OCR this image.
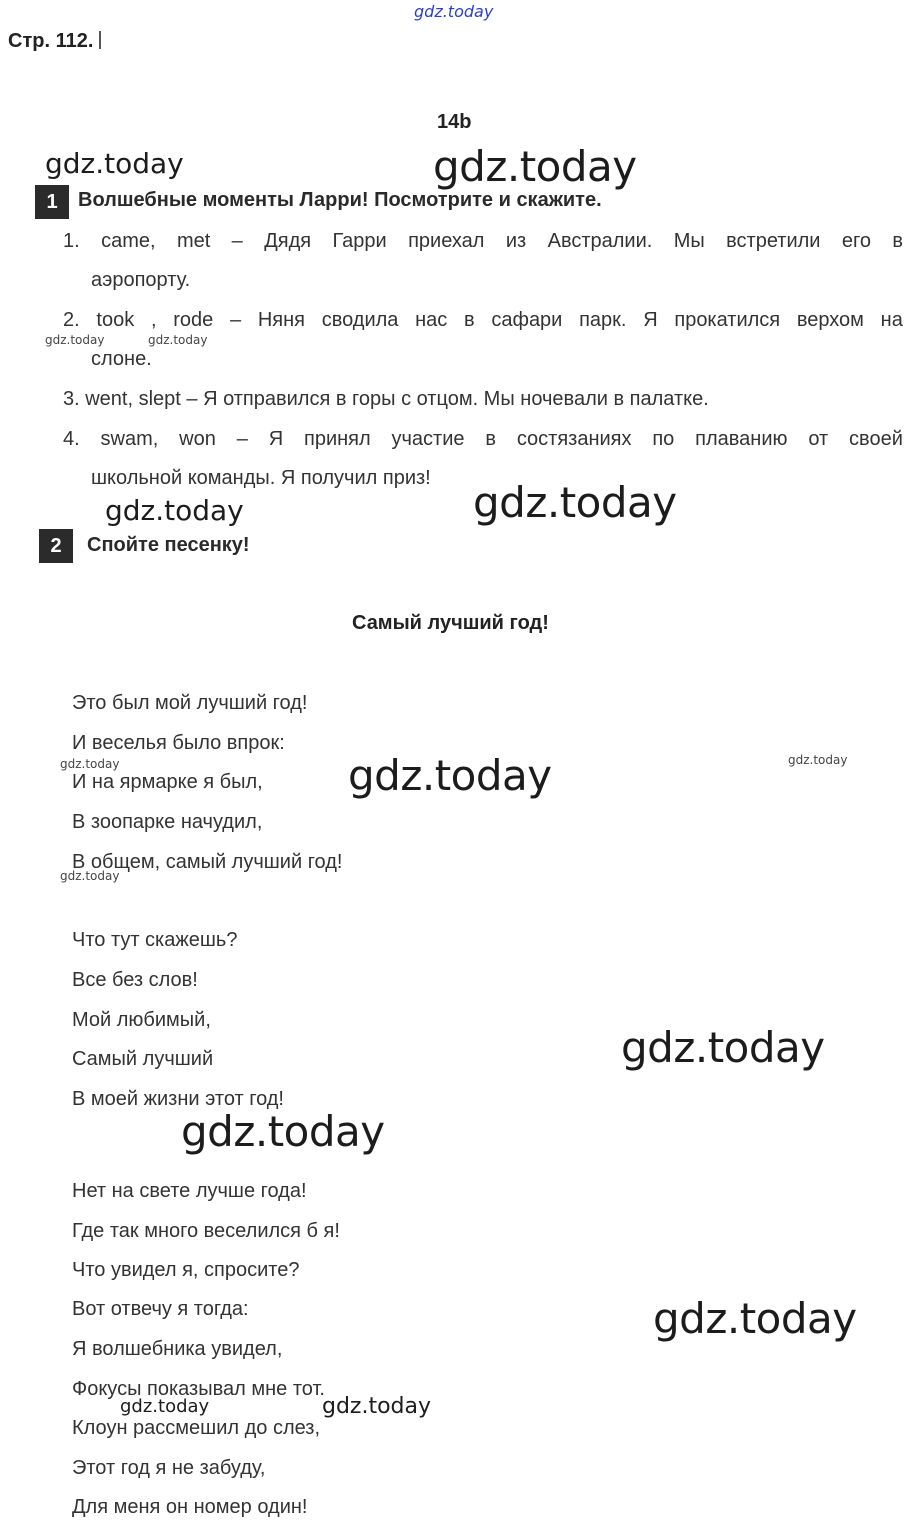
Стр. 112.
14b
gdz.today
gdz.today	gdz.today
gdz.today	gdz.today
gdz.today
gdz.today
gdz.today	gdz.today	gdz.today
gdz.today
gdz.today
gdz.today
gdz.today
gdz.today	gdz.today
1	Волшебные моменты Ларри! Посмотрите и скажите.
1. came, met – Дядя Гарри приехал из Австралии. Мы встретили его в
аэропорту.
2. took , rode – Няня сводила нас в сафари парк. Я прокатился верхом на
слоне.
3. went, slept – Я отправился в горы с отцом. Мы ночевали в палатке.
4. swam, won – Я принял участие в состязаниях по плаванию от своей
школьной команды. Я получил приз!
2	Спойте песенку!
Самый лучший год!
Это был мой лучший год!
И веселья было впрок:
И на ярмарке я был,
В зоопарке начудил,
В общем, самый лучший год!
Что тут скажешь?
Все без слов!
Мой любимый,
Самый лучший
В моей жизни этот год!
Нет на свете лучше года!
Где так много веселился б я!
Что увидел я, спросите?
Вот отвечу я тогда:
Я волшебника увидел,
Фокусы показывал мне тот.
Клоун рассмешил до слез,
Этот год я не забуду,
Для меня он номер один!
